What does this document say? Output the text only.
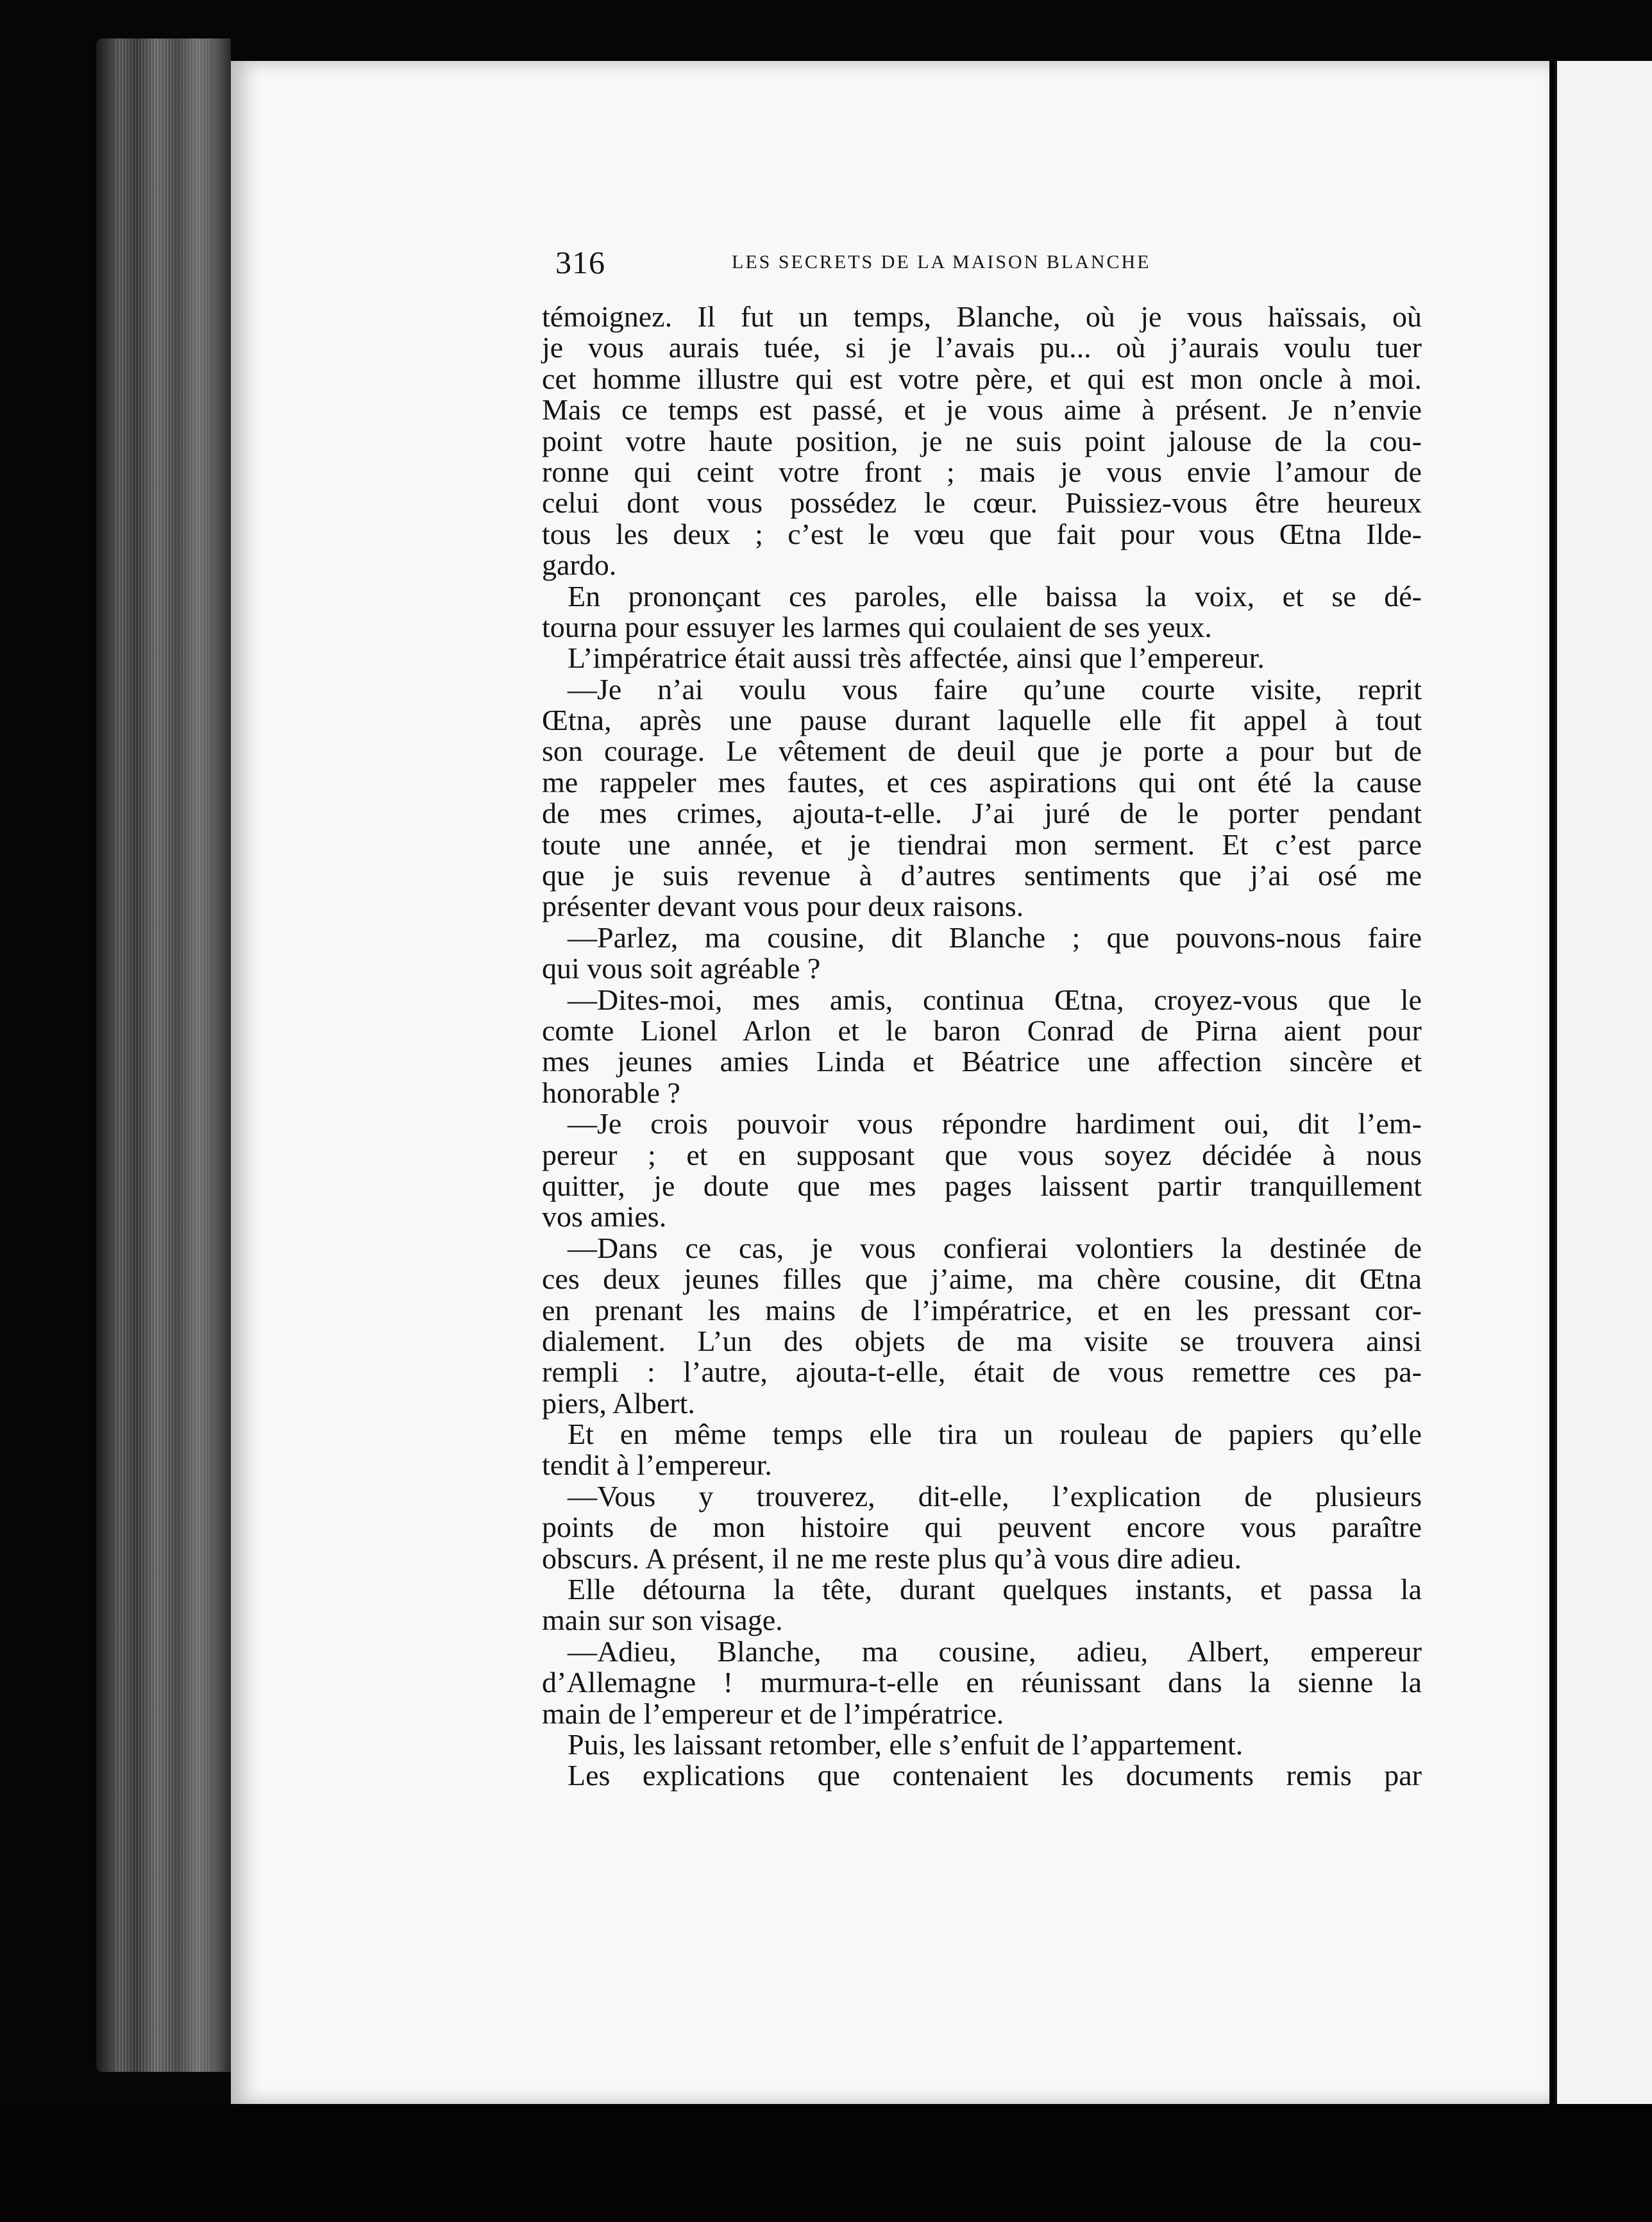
316	LES SECRETS DE LA MAISON BLANCHE
témoignez. Il fut un temps, Blanche, où je vous haïssais, où
je vous aurais tuée, si je l’avais pu... où j’aurais voulu tuer
cet homme illustre qui est votre père, et qui est mon oncle à moi.
Mais ce temps est passé, et je vous aime à présent. Je n’envie
point votre haute position, je ne suis point jalouse de la cou-
ronne qui ceint votre front ; mais je vous envie l’amour de
celui dont vous possédez le cœur. Puissiez-vous être heureux
tous les deux ; c’est le vœu que fait pour vous Œtna Ilde-
gardo.
En prononçant ces paroles, elle baissa la voix, et se dé-
tourna pour essuyer les larmes qui coulaient de ses yeux.
L’impératrice était aussi très affectée, ainsi que l’empereur.
—Je n’ai voulu vous faire qu’une courte visite, reprit
Œtna, après une pause durant laquelle elle fit appel à tout
son courage. Le vêtement de deuil que je porte a pour but de
me rappeler mes fautes, et ces aspirations qui ont été la cause
de mes crimes, ajouta-t-elle. J’ai juré de le porter pendant
toute une année, et je tiendrai mon serment. Et c’est parce
que je suis revenue à d’autres sentiments que j’ai osé me
présenter devant vous pour deux raisons.
—Parlez, ma cousine, dit Blanche ; que pouvons-nous faire
qui vous soit agréable ?
—Dites-moi, mes amis, continua Œtna, croyez-vous que le
comte Lionel Arlon et le baron Conrad de Pirna aient pour
mes jeunes amies Linda et Béatrice une affection sincère et
honorable ?
—Je crois pouvoir vous répondre hardiment oui, dit l’em-
pereur ; et en supposant que vous soyez décidée à nous
quitter, je doute que mes pages laissent partir tranquillement
vos amies.
—Dans ce cas, je vous confierai volontiers la destinée de
ces deux jeunes filles que j’aime, ma chère cousine, dit Œtna
en prenant les mains de l’impératrice, et en les pressant cor-
dialement. L’un des objets de ma visite se trouvera ainsi
rempli : l’autre, ajouta-t-elle, était de vous remettre ces pa-
piers, Albert.
Et en même temps elle tira un rouleau de papiers qu’elle
tendit à l’empereur.
—Vous y trouverez, dit-elle, l’explication de plusieurs
points de mon histoire qui peuvent encore vous paraître
obscurs. A présent, il ne me reste plus qu’à vous dire adieu.
Elle détourna la tête, durant quelques instants, et passa la
main sur son visage.
—Adieu, Blanche, ma cousine, adieu, Albert, empereur
d’Allemagne ! murmura-t-elle en réunissant dans la sienne la
main de l’empereur et de l’impératrice.
Puis, les laissant retomber, elle s’enfuit de l’appartement.
Les explications que contenaient les documents remis par
